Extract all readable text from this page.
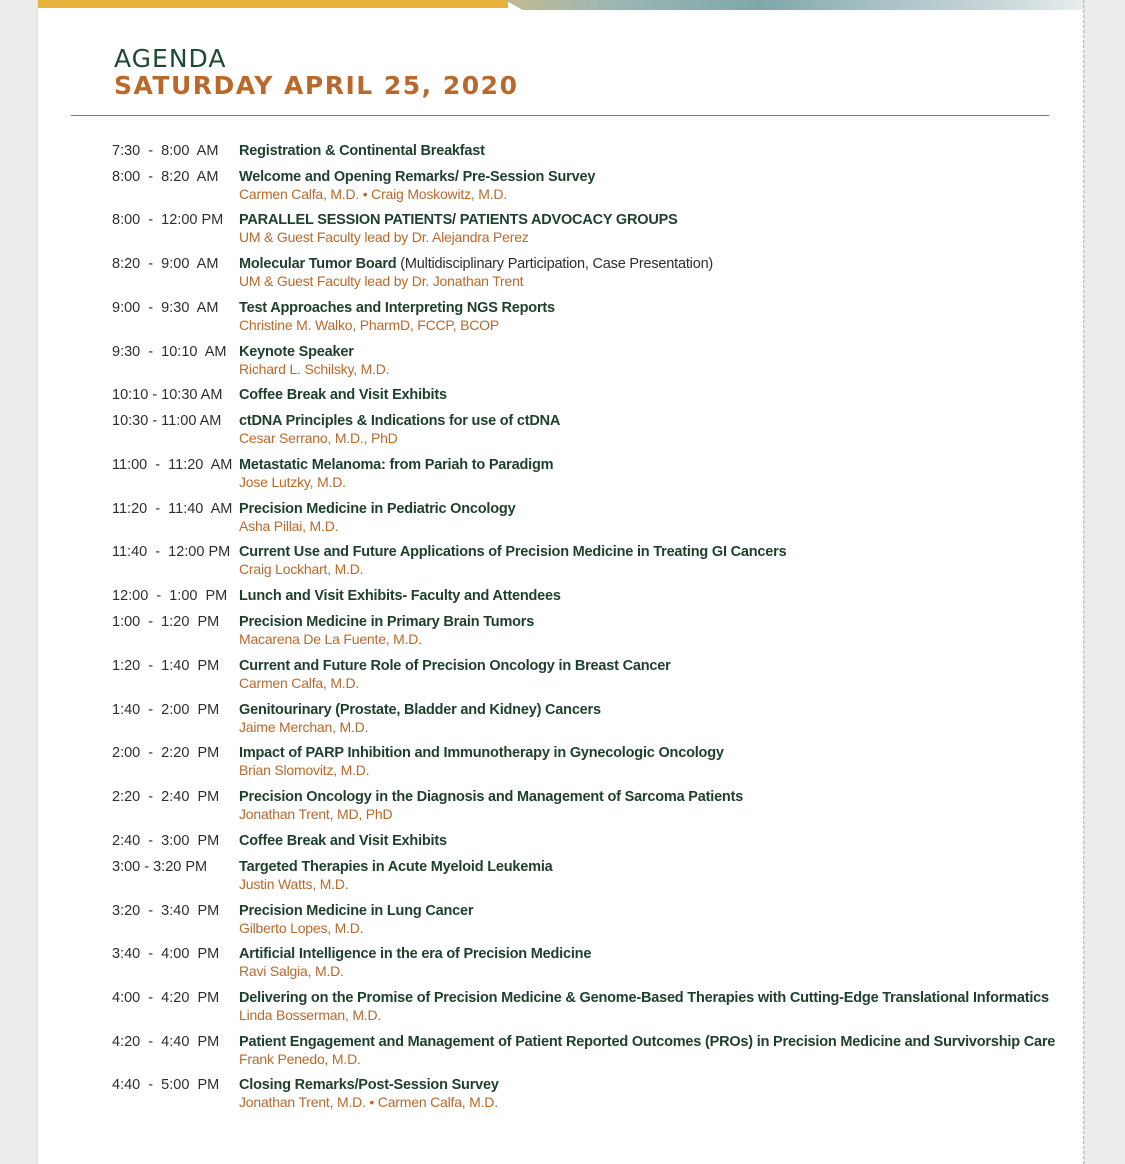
AGENDA
SATURDAY APRIL 25, 2020
7:30  -  8:00  AM	Registration & Continental Breakfast
8:00  -  8:20  AM	Welcome and Opening Remarks/ Pre-Session Survey
Carmen Calfa, M.D. • Craig Moskowitz, M.D.
8:00  -  12:00 PM	PARALLEL SESSION PATIENTS/ PATIENTS ADVOCACY GROUPS
UM & Guest Faculty lead by Dr. Alejandra Perez
8:20  -  9:00  AM	Molecular Tumor Board (Multidisciplinary Participation, Case Presentation)
UM & Guest Faculty lead by Dr. Jonathan Trent
9:00  -  9:30  AM	Test Approaches and Interpreting NGS Reports
Christine M. Walko, PharmD, FCCP, BCOP
9:30  -  10:10  AM Keynote Speaker
Richard L. Schilsky, M.D.
10:10 - 10:30 AM	Coffee Break and Visit Exhibits
10:30 - 11:00 AM	ctDNA Principles & Indications for use of ctDNA
Cesar Serrano, M.D., PhD
11:00  -  11:20  AM Metastatic Melanoma: from Pariah to Paradigm
Jose Lutzky, M.D.
11:20  -  11:40  AM Precision Medicine in Pediatric Oncology
Asha Pillai, M.D.
11:40  -  12:00 PM Current Use and Future Applications of Precision Medicine in Treating GI Cancers
Craig Lockhart, M.D.
12:00  -  1:00  PM Lunch and Visit Exhibits- Faculty and Attendees
1:00  -  1:20  PM	Precision Medicine in Primary Brain Tumors
Macarena De La Fuente, M.D.
1:20  -  1:40  PM	Current and Future Role of Precision Oncology in Breast Cancer
Carmen Calfa, M.D.
1:40  -  2:00  PM	Genitourinary (Prostate, Bladder and Kidney) Cancers
Jaime Merchan, M.D.
2:00  -  2:20  PM	Impact of PARP Inhibition and Immunotherapy in Gynecologic Oncology
Brian Slomovitz, M.D.
2:20  -  2:40  PM	Precision Oncology in the Diagnosis and Management of Sarcoma Patients
Jonathan Trent, MD, PhD
2:40  -  3:00  PM	Coffee Break and Visit Exhibits
3:00 - 3:20 PM	Targeted Therapies in Acute Myeloid Leukemia
Justin Watts, M.D.
3:20  -  3:40  PM	Precision Medicine in Lung Cancer
Gilberto Lopes, M.D.
3:40  -  4:00  PM	Artificial Intelligence in the era of Precision Medicine
Ravi Salgia, M.D.
4:00  -  4:20  PM	Delivering on the Promise of Precision Medicine & Genome-Based Therapies with Cutting-Edge Translational Informatics
Linda Bosserman, M.D.
4:20  -  4:40  PM	Patient Engagement and Management of Patient Reported Outcomes (PROs) in Precision Medicine and Survivorship Care
Frank Penedo, M.D.
4:40  -  5:00  PM	Closing Remarks/Post-Session Survey
Jonathan Trent, M.D. • Carmen Calfa, M.D.
